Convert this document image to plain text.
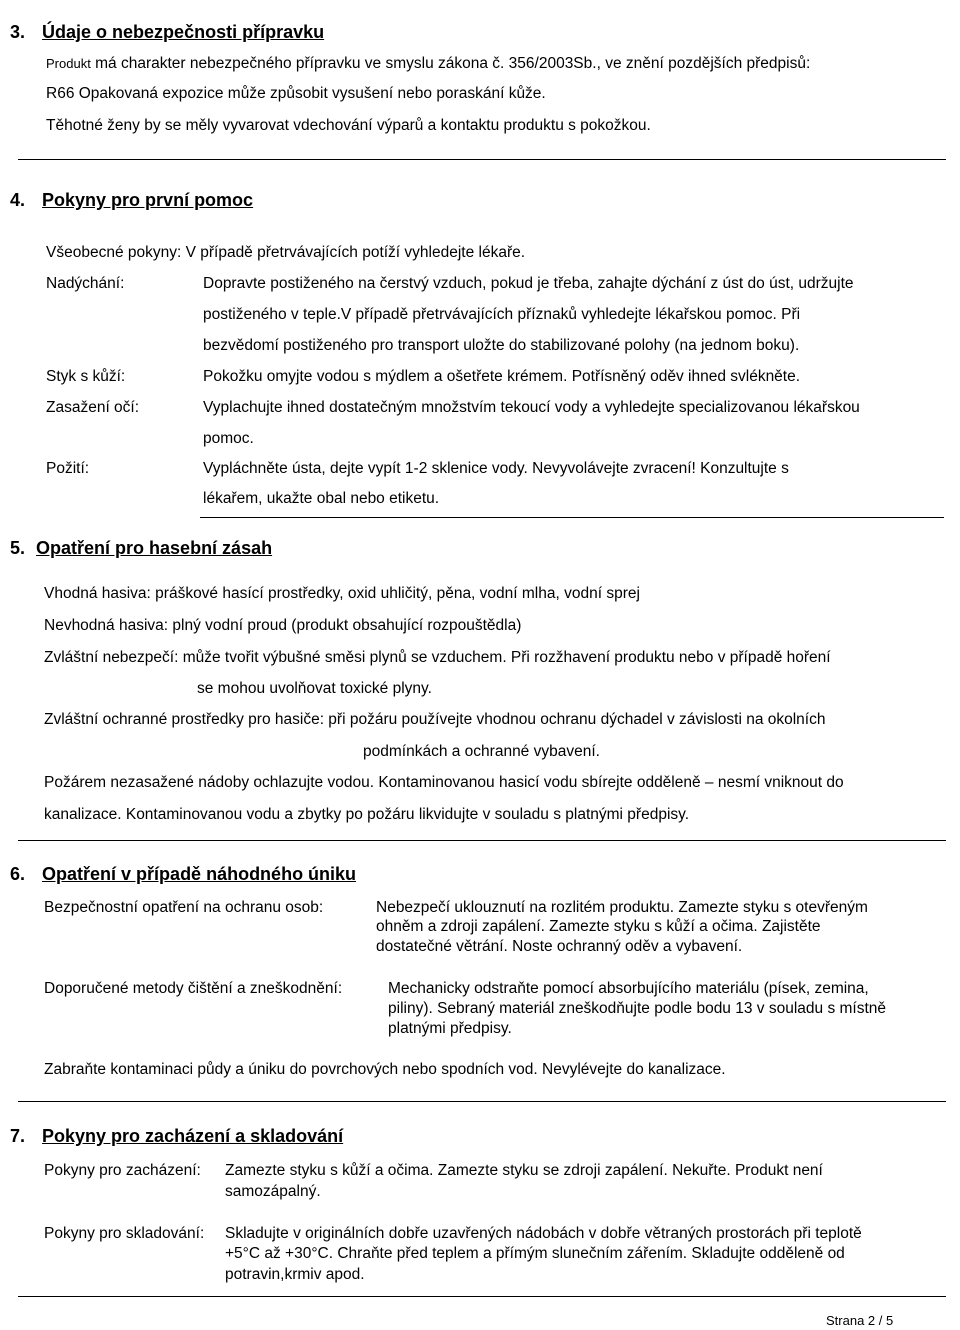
3. Údaje o nebezpečnosti přípravku
Produkt má charakter nebezpečného přípravku ve smyslu zákona č. 356/2003Sb., ve znění pozdějších předpisů:
R66 Opakovaná expozice může způsobit vysušení nebo poraskání kůže.
Těhotné ženy by se měly vyvarovat vdechování výparů a kontaktu produktu s pokožkou.
4. Pokyny pro první pomoc
Všeobecné pokyny: V případě přetrvávajících potíží vyhledejte lékaře.
Nadýchání:	Dopravte postiženého na čerstvý vzduch, pokud je třeba, zahajte dýchání z úst do úst, udržujte
postiženého v teple.V případě přetrvávajících příznaků vyhledejte lékařskou pomoc. Při
bezvědomí postiženého pro transport uložte do stabilizované polohy (na jednom boku).
Styk s kůží:	Pokožku omyjte vodou s mýdlem a ošetřete krémem. Potřísněný oděv ihned svlékněte.
Zasažení očí:	Vyplachujte ihned dostatečným množstvím tekoucí vody a vyhledejte specializovanou lékařskou
pomoc.
Požití:	Vypláchněte ústa, dejte vypít 1-2 sklenice vody. Nevyvolávejte zvracení! Konzultujte s
lékařem, ukažte obal nebo etiketu.
5. Opatření pro hasební zásah
Vhodná hasiva: práškové hasící prostředky, oxid uhličitý, pěna, vodní mlha, vodní sprej
Nevhodná hasiva: plný vodní proud (produkt obsahující rozpouštědla)
Zvláštní nebezpečí: může tvořit výbušné směsi plynů se vzduchem. Při rozžhavení produktu nebo v případě hoření
se mohou uvolňovat toxické plyny.
Zvláštní ochranné prostředky pro hasiče: při požáru používejte vhodnou ochranu dýchadel v závislosti na okolních
podmínkách a ochranné vybavení.
Požárem nezasažené nádoby ochlazujte vodou. Kontaminovanou hasicí vodu sbírejte odděleně – nesmí vniknout do
kanalizace. Kontaminovanou vodu a zbytky po požáru likvidujte v souladu s platnými předpisy.
6. Opatření v případě náhodného úniku
Bezpečnostní opatření na ochranu osob:	Nebezpečí uklouznutí na rozlitém produktu. Zamezte styku s otevřeným
ohněm a zdroji zapálení. Zamezte styku s kůží a očima. Zajistěte
dostatečné větrání. Noste ochranný oděv a vybavení.
Doporučené metody čištění a zneškodnění:	Mechanicky odstraňte pomocí absorbujícího materiálu (písek, zemina,
piliny). Sebraný materiál zneškodňujte podle bodu 13 v souladu s místně
platnými předpisy.
Zabraňte kontaminaci půdy a úniku do povrchových nebo spodních vod. Nevylévejte do kanalizace.
7. Pokyny pro zacházení a skladování
Pokyny pro zacházení: Zamezte styku s kůží a očima. Zamezte styku se zdroji zapálení. Nekuřte. Produkt není
samozápalný.
Pokyny pro skladování: Skladujte v originálních dobře uzavřených nádobách v dobře větraných prostorách při teplotě
+5°C až +30°C. Chraňte před teplem a přímým slunečním zářením. Skladujte odděleně od
potravin,krmiv apod.
Strana 2 / 5
